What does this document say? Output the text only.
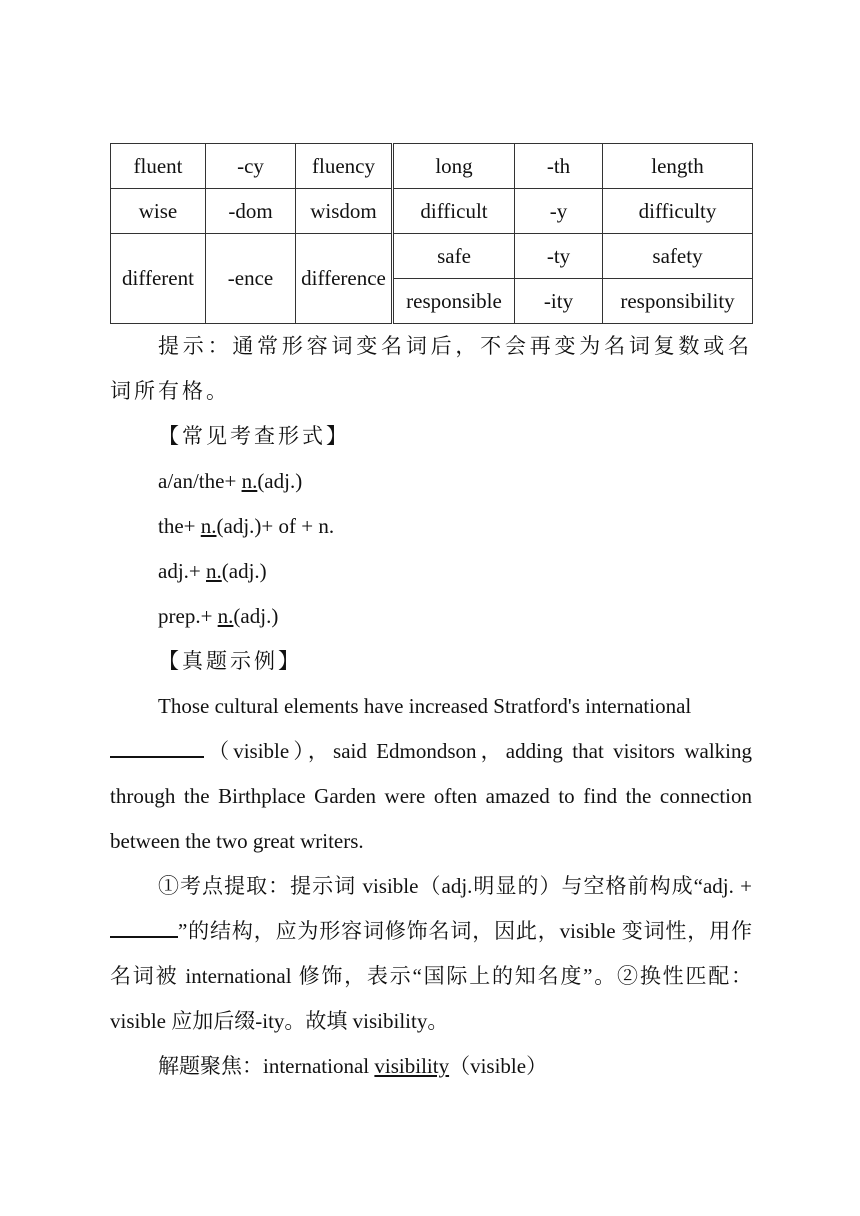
fluent	-cy	fluency	long	-th	length
wise	-dom	wisdom	difficult	-y	difficulty
different	-ence	difference	safe	-ty	safety
			responsible	-ity	responsibility

提示：通常形容词变名词后，不会再变为名词复数或名词所有格。

【常见考查形式】

a/an/the+ n.(adj.)

the+ n.(adj.)+ of + n.

adj.+ n.(adj.)

prep.+ n.(adj.)

【真题示例】

Those cultural elements have increased Stratford's international

（visible），said Edmondson，adding that visitors walking through the Birthplace Garden were often amazed to find the connection between the two great writers.

①考点提取：提示词 visible（adj.明显的）与空格前构成“adj. +”的结构，应为形容词修饰名词，因此，visible 变词性，用作名词被 international 修饰，表示“国际上的知名度”。②换性匹配：visible 应加后缀-ity。故填 visibility。

解题聚焦：international visibility（visible）
